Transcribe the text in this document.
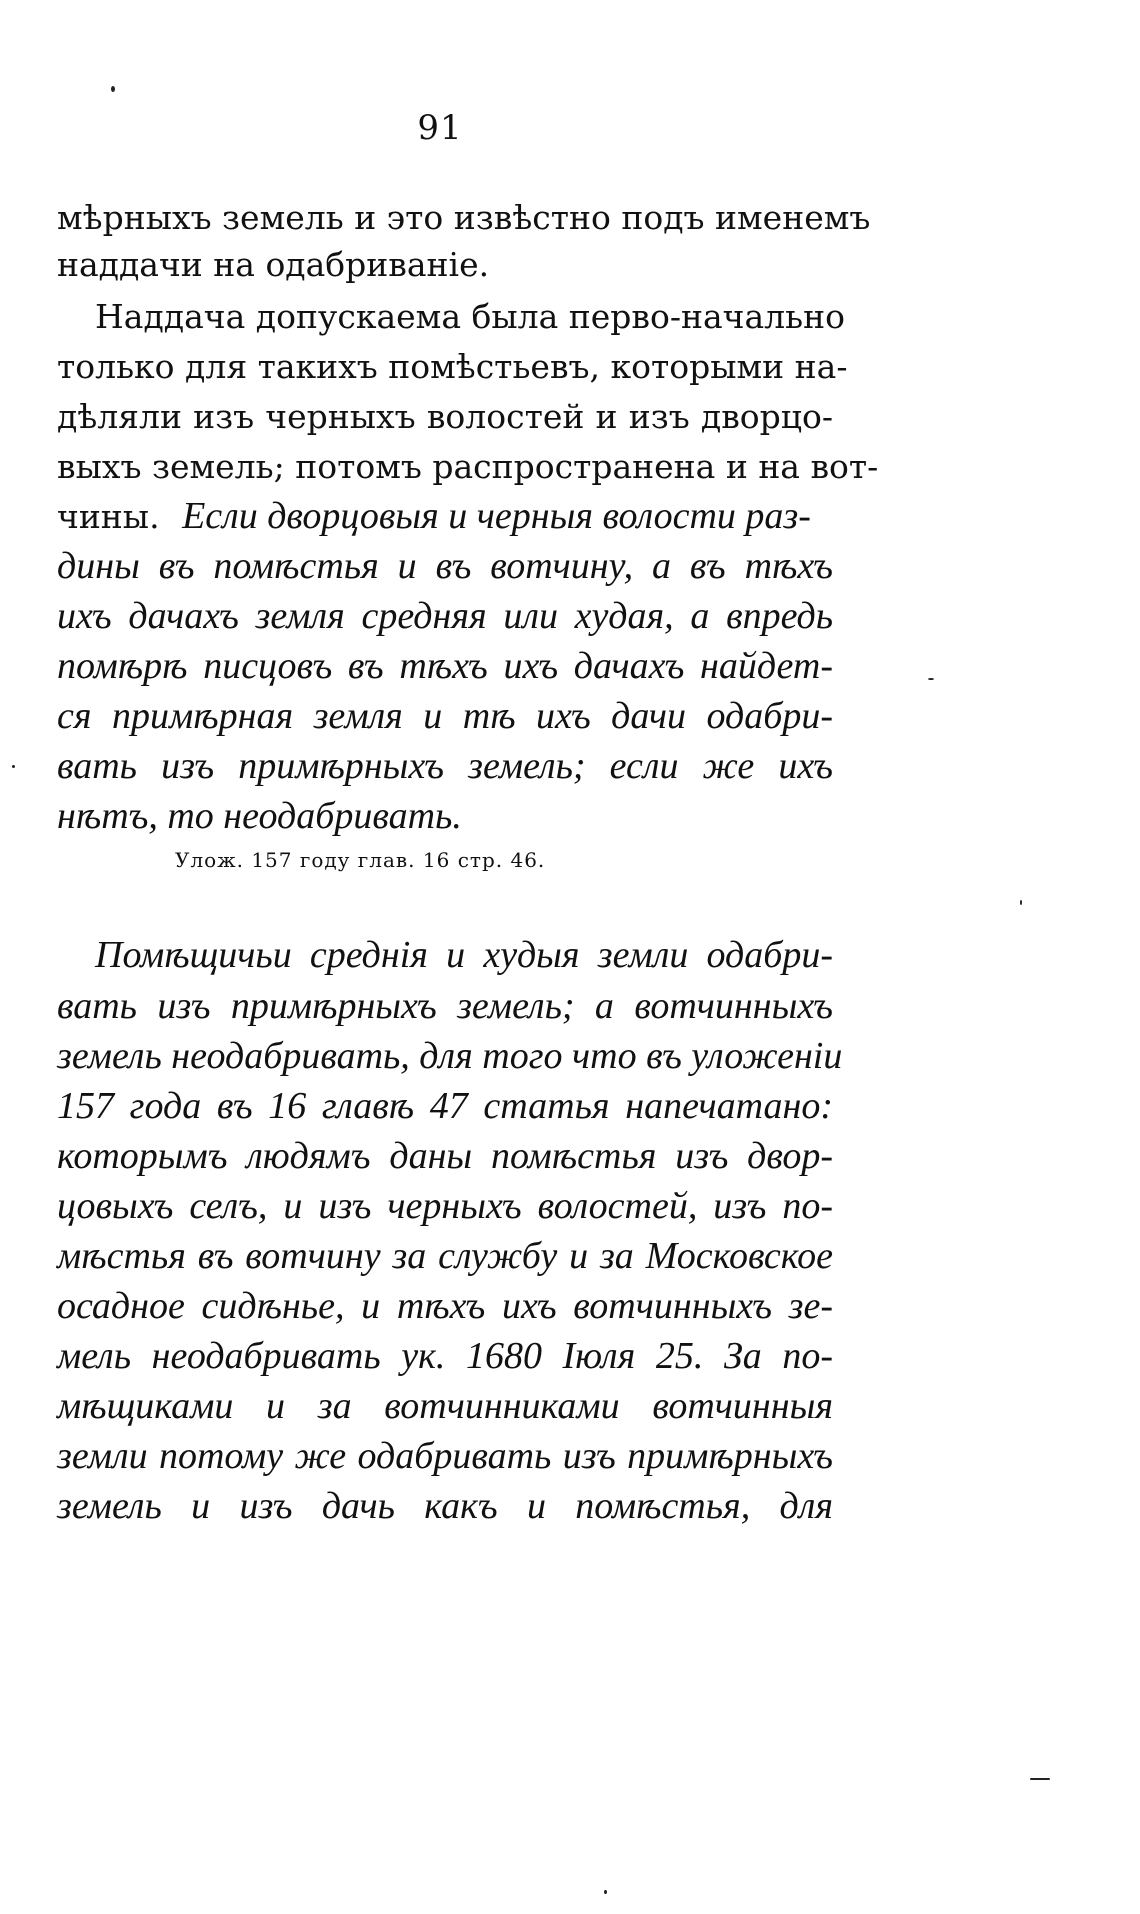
91
мѣрныхъ земель и это извѣстно подъ именемъ
наддачи на одабриваніе.
Наддача допускаема была перво-начально
только для такихъ помѣстьевъ, которыми на-
дѣляли изъ черныхъ волостей и изъ дворцо-
выхъ земель; потомъ распространена и на вот-
чины. Если дворцовыя и черныя волости раз-
дины въ помѣстья и въ вотчину, а въ тѣхъ
ихъ дачахъ земля средняя или худая, а впредь
помѣрѣ писцовъ въ тѣхъ ихъ дачахъ найдет-
ся примѣрная земля и тѣ ихъ дачи одабри-
вать изъ примѣрныхъ земель; если же ихъ
нѣтъ, то неодабривать.
Улож. 157 году глав. 16 стр. 46.
Помѣщичьи среднія и худыя земли одабри-
вать изъ примѣрныхъ земель; а вотчинныхъ
земель неодабривать, для того что въ уложеніи
157 года въ 16 главѣ 47 статья напечатано:
которымъ людямъ даны помѣстья изъ двор-
цовыхъ селъ, и изъ черныхъ волостей, изъ по-
мѣстья въ вотчину за службу и за Московское
осадное сидѣнье, и тѣхъ ихъ вотчинныхъ зе-
мель неодабривать ук. 1680 Іюля 25. За по-
мѣщиками и за вотчинниками вотчинныя
земли потому же одабривать изъ примѣрныхъ
земель и изъ дачь какъ и помѣстья, для
